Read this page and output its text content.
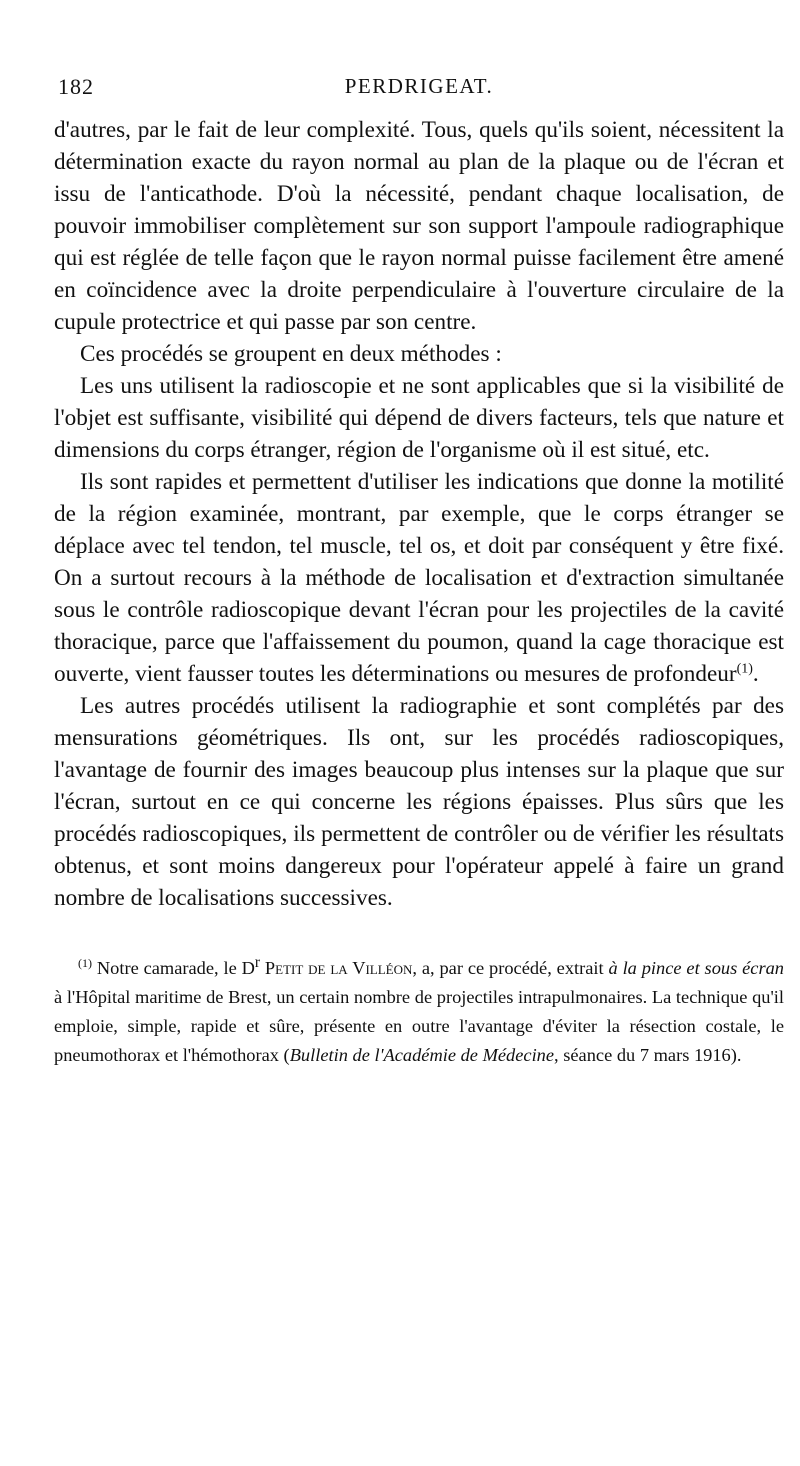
182	PERDRIGEAT.

d'autres, par le fait de leur complexité. Tous, quels qu'ils soient, nécessitent la détermination exacte du rayon normal au plan de la plaque ou de l'écran et issu de l'anticathode. D'où la nécessité, pendant chaque localisation, de pouvoir immobiliser complètement sur son support l'ampoule radiographique qui est réglée de telle façon que le rayon normal puisse facilement être amené en coïncidence avec la droite perpendiculaire à l'ouverture circulaire de la cupule protectrice et qui passe par son centre.

Ces procédés se groupent en deux méthodes :

Les uns utilisent la radioscopie et ne sont applicables que si la visibilité de l'objet est suffisante, visibilité qui dépend de divers facteurs, tels que nature et dimensions du corps étranger, région de l'organisme où il est situé, etc.

Ils sont rapides et permettent d'utiliser les indications que donne la motilité de la région examinée, montrant, par exemple, que le corps étranger se déplace avec tel tendon, tel muscle, tel os, et doit par conséquent y être fixé. On a surtout recours à la méthode de localisation et d'extraction simultanée sous le contrôle radioscopique devant l'écran pour les projectiles de la cavité thoracique, parce que l'affaissement du poumon, quand la cage thoracique est ouverte, vient fausser toutes les déterminations ou mesures de profondeur$^{(1)}$.

Les autres procédés utilisent la radiographie et sont complétés par des mensurations géométriques. Ils ont, sur les procédés radioscopiques, l'avantage de fournir des images beaucoup plus intenses sur la plaque que sur l'écran, surtout en ce qui concerne les régions épaisses. Plus sûrs que les procédés radioscopiques, ils permettent de contrôler ou de vérifier les résultats obtenus, et sont moins dangereux pour l'opérateur appelé à faire un grand nombre de localisations successives.

$^{(1)}$ Notre camarade, le $D^r$ Petit de la Villéon, a, par ce procédé, extrait à la pince et sous écran à l'Hôpital maritime de Brest, un certain nombre de projectiles intrapulmonaires. La technique qu'il emploie, simple, rapide et sûre, présente en outre l'avantage d'éviter la résection costale, le pneumothorax et l'hémothorax (Bulletin de l'Académie de Médecine, séance du 7 mars 1916).
